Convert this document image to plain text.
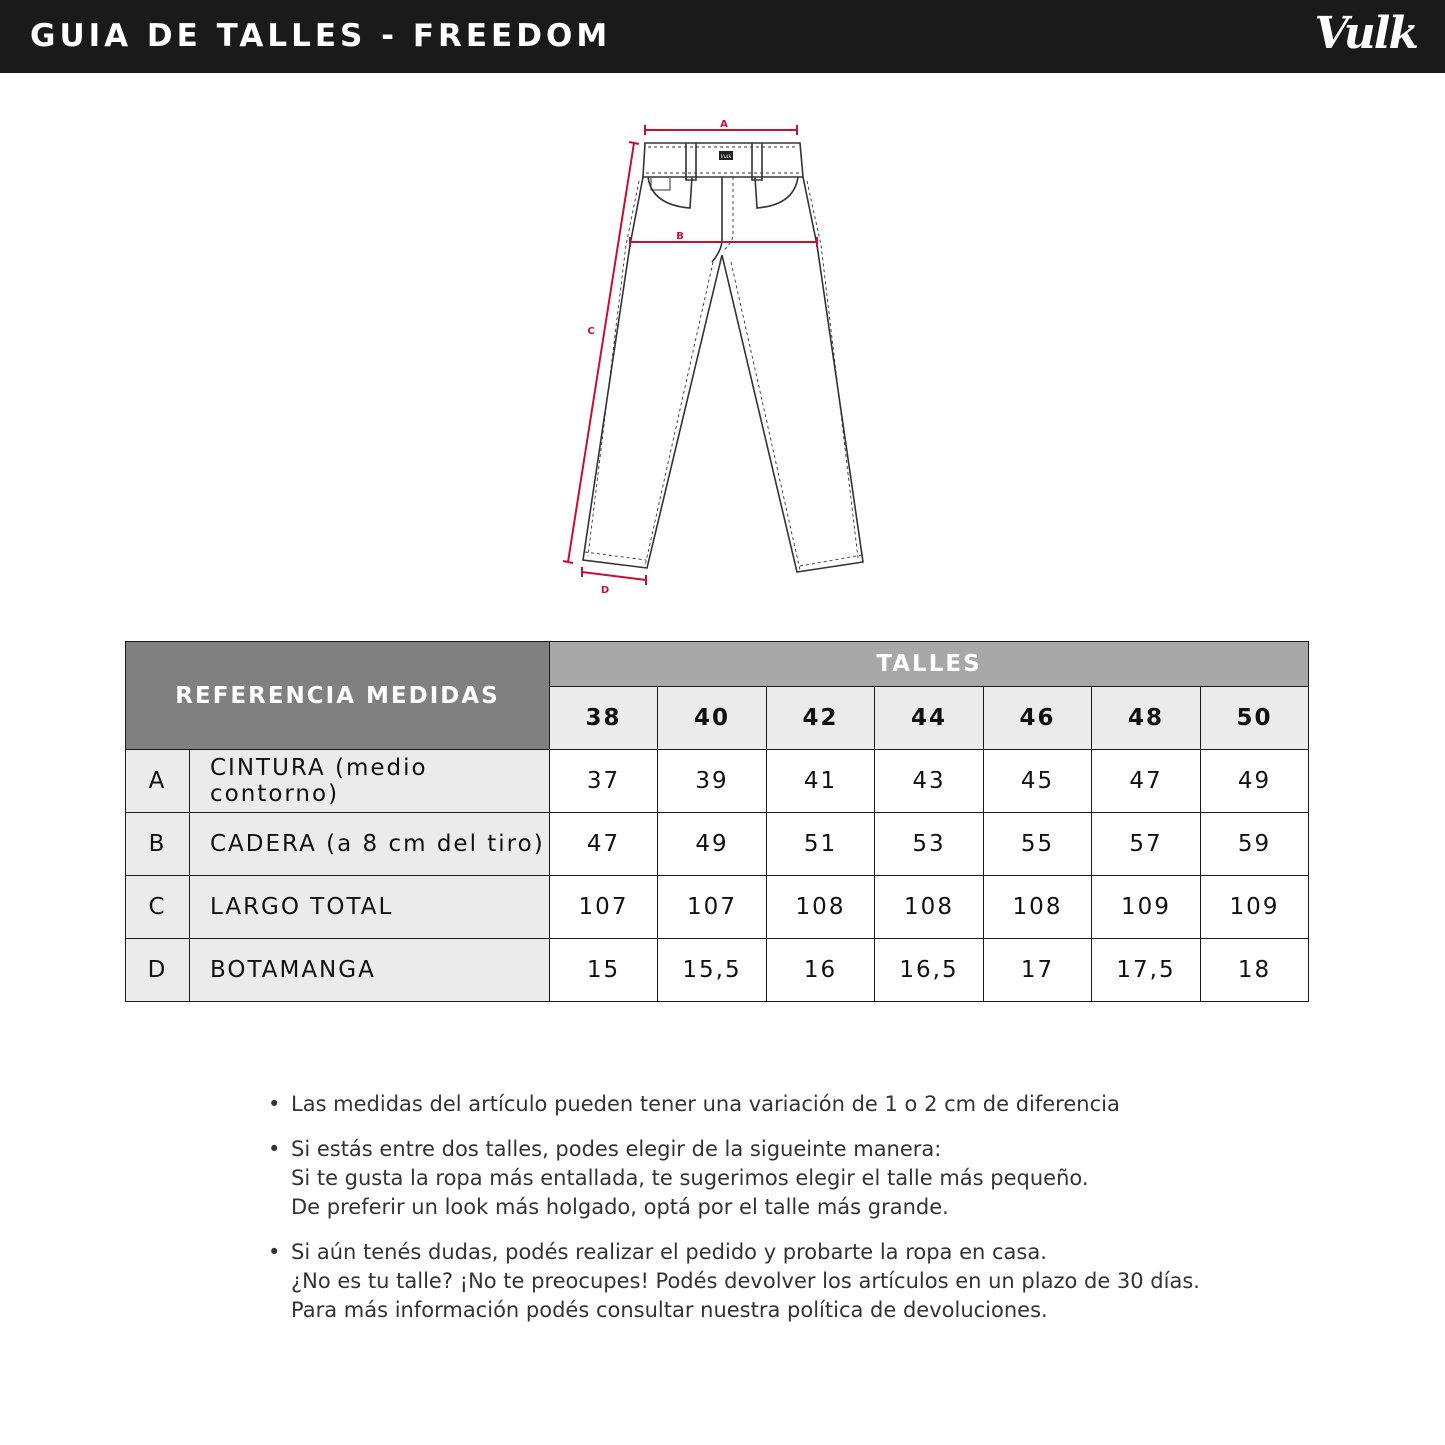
GUIA DE TALLES - FREEDOM	Vulk
Vulk
A
B
C
D
REFERENCIA MEDIDAS		TALLES						
		38	40	42	44	46	48	50
A	CINTURA (medio contorno)	37	39	41	43	45	47	49
B	CADERA (a 8 cm del tiro)	47	49	51	53	55	57	59
C	LARGO TOTAL	107	107	108	108	108	109	109
D	BOTAMANGA	15	15,5	16	16,5	17	17,5	18
• Las medidas del artículo pueden tener una variación de 1 o 2 cm de diferencia
• Si estás entre dos talles, podes elegir de la sigueinte manera:
Si te gusta la ropa más entallada, te sugerimos elegir el talle más pequeño.
De preferir un look más holgado, optá por el talle más grande.
• Si aún tenés dudas, podés realizar el pedido y probarte la ropa en casa.
¿No es tu talle? ¡No te preocupes! Podés devolver los artículos en un plazo de 30 días.
Para más información podés consultar nuestra política de devoluciones.
